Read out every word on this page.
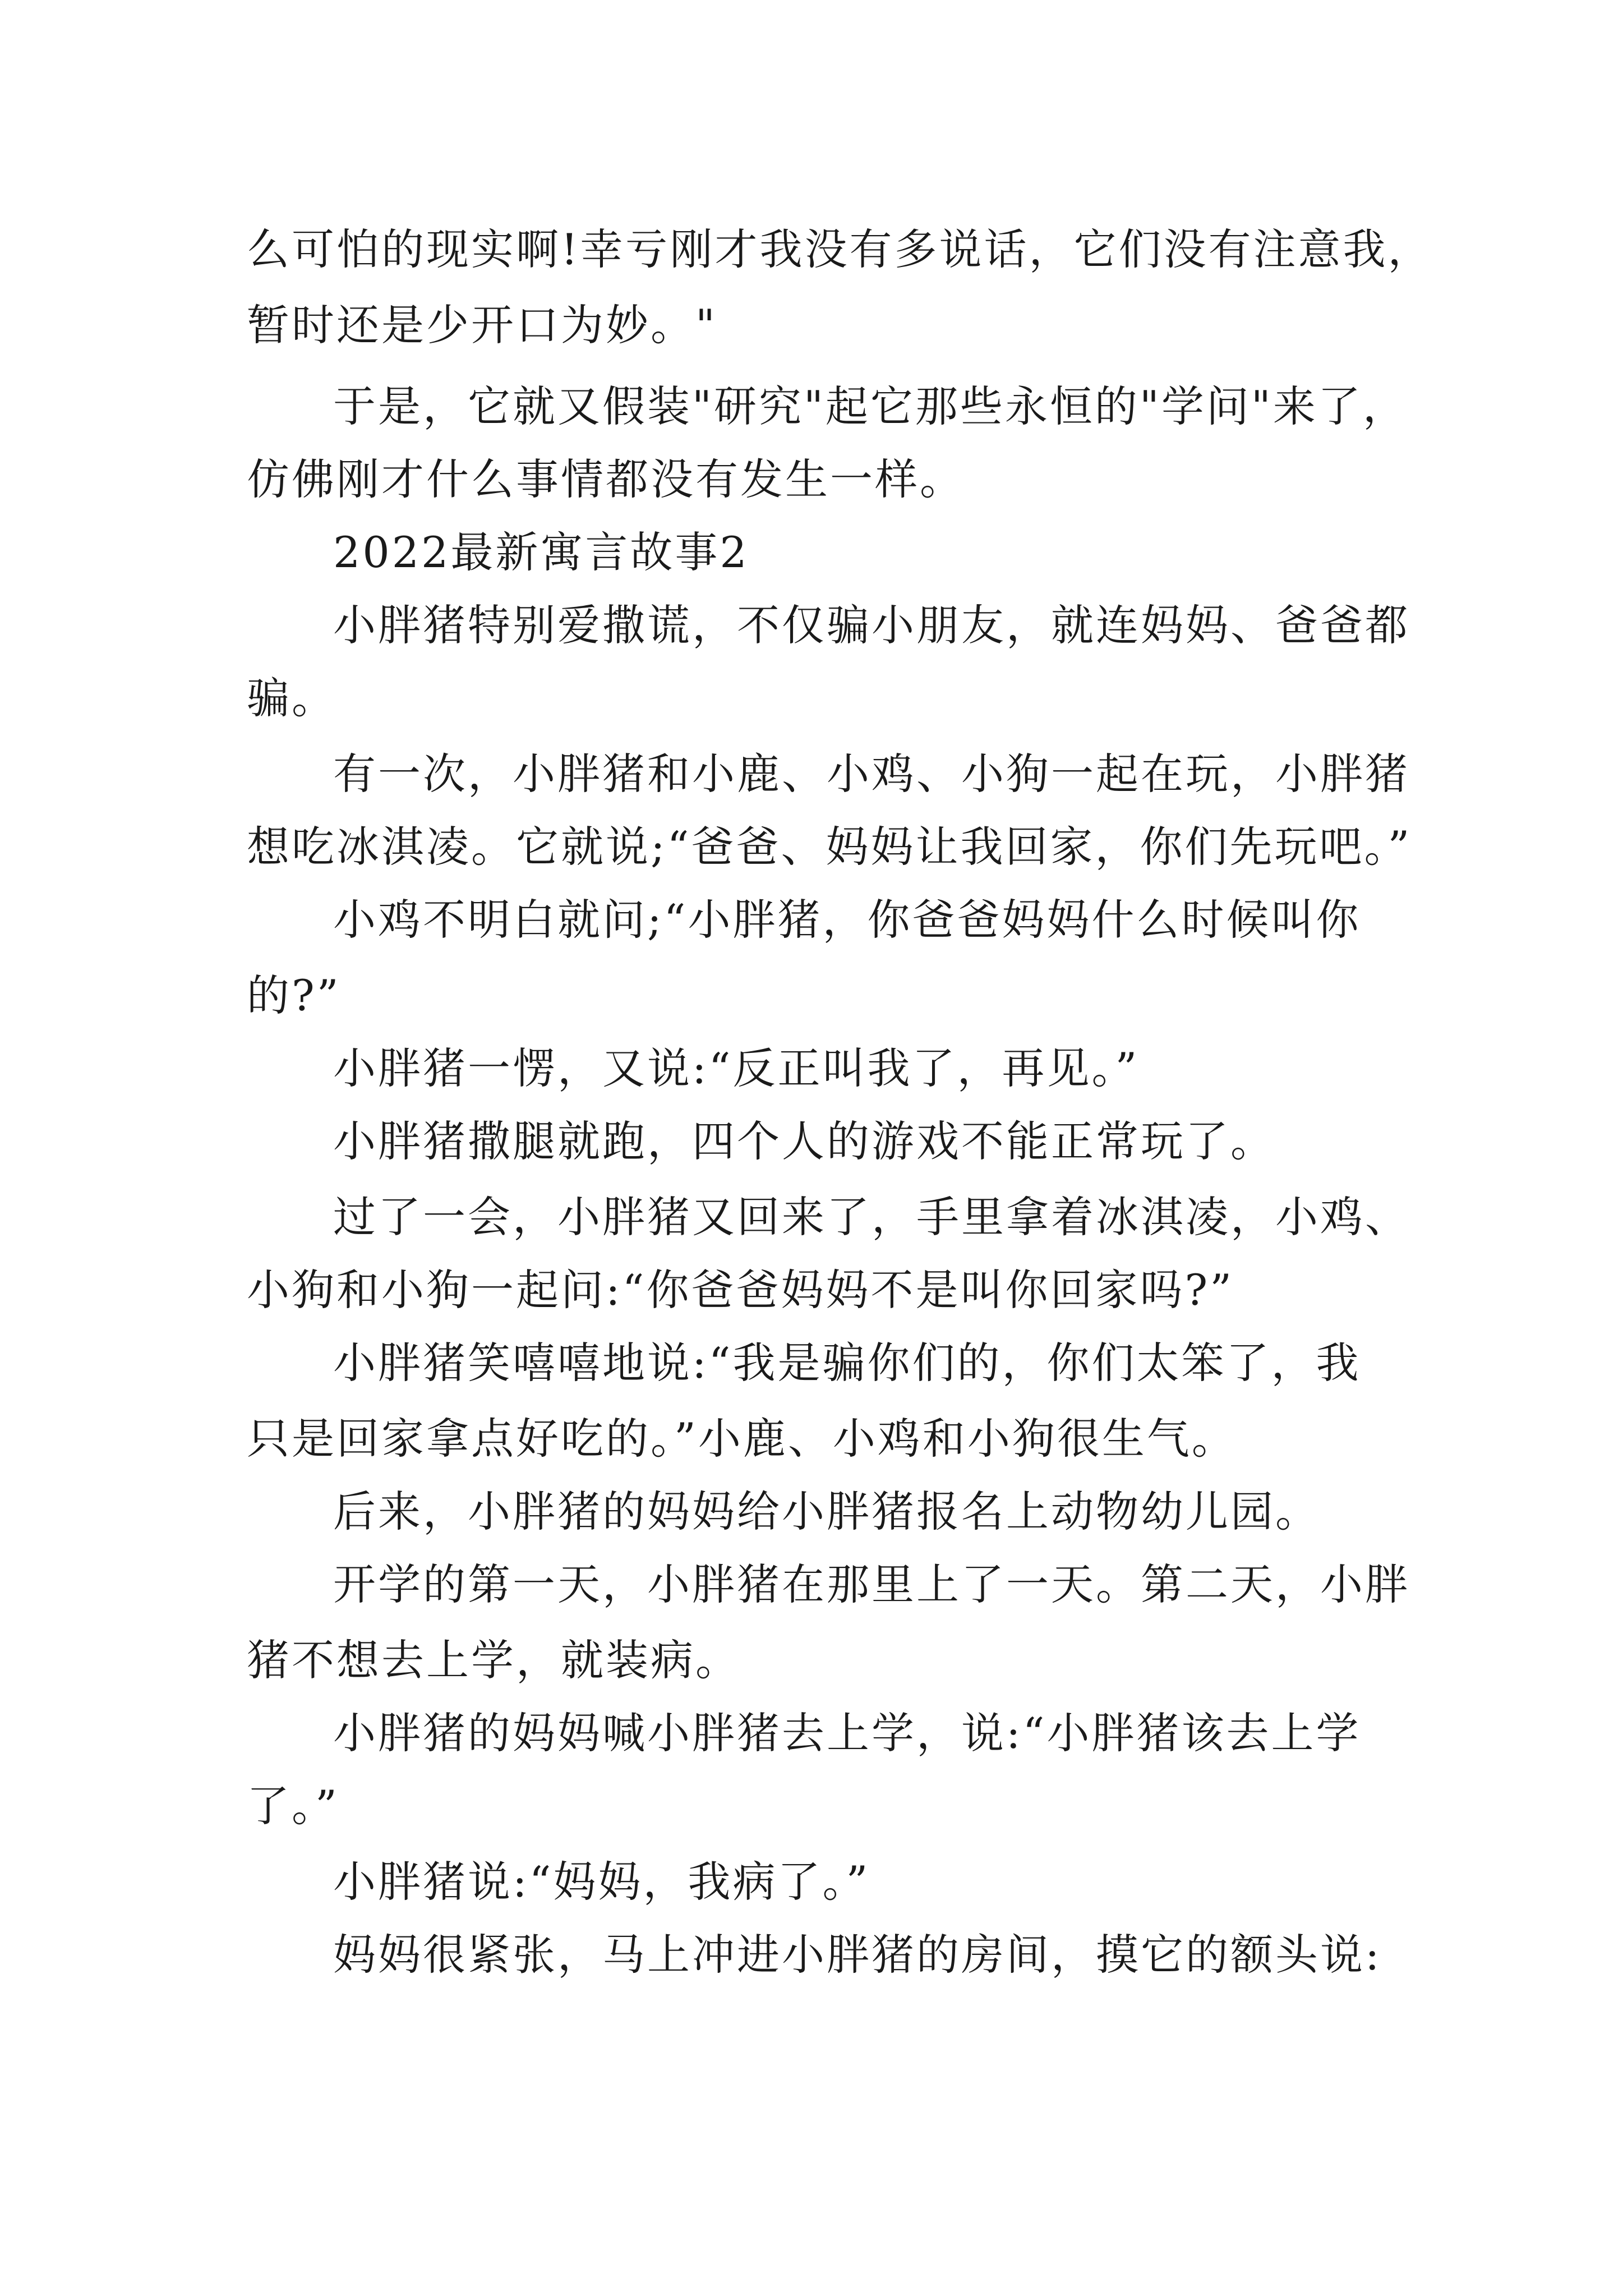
么可怕的现实啊!幸亏刚才我没有多说话，它们没有注意我，
暂时还是少开口为妙。"
于是，它就又假装"研究"起它那些永恒的"学问"来了，
仿佛刚才什么事情都没有发生一样。
2022最新寓言故事2
小胖猪特别爱撒谎，不仅骗小朋友，就连妈妈、爸爸都
骗。
有一次，小胖猪和小鹿、小鸡、小狗一起在玩，小胖猪
想吃冰淇凌。它就说;“爸爸、妈妈让我回家，你们先玩吧。”
小鸡不明白就问;“小胖猪，你爸爸妈妈什么时候叫你
的?”
小胖猪一愣，又说:“反正叫我了，再见。”
小胖猪撒腿就跑，四个人的游戏不能正常玩了。
过了一会，小胖猪又回来了，手里拿着冰淇凌，小鸡、
小狗和小狗一起问:“你爸爸妈妈不是叫你回家吗?”
小胖猪笑嘻嘻地说:“我是骗你们的，你们太笨了，我
只是回家拿点好吃的。”小鹿、小鸡和小狗很生气。
后来，小胖猪的妈妈给小胖猪报名上动物幼儿园。
开学的第一天，小胖猪在那里上了一天。第二天，小胖
猪不想去上学，就装病。
小胖猪的妈妈喊小胖猪去上学，说:“小胖猪该去上学
了。”
小胖猪说:“妈妈，我病了。”
妈妈很紧张，马上冲进小胖猪的房间，摸它的额头说:
